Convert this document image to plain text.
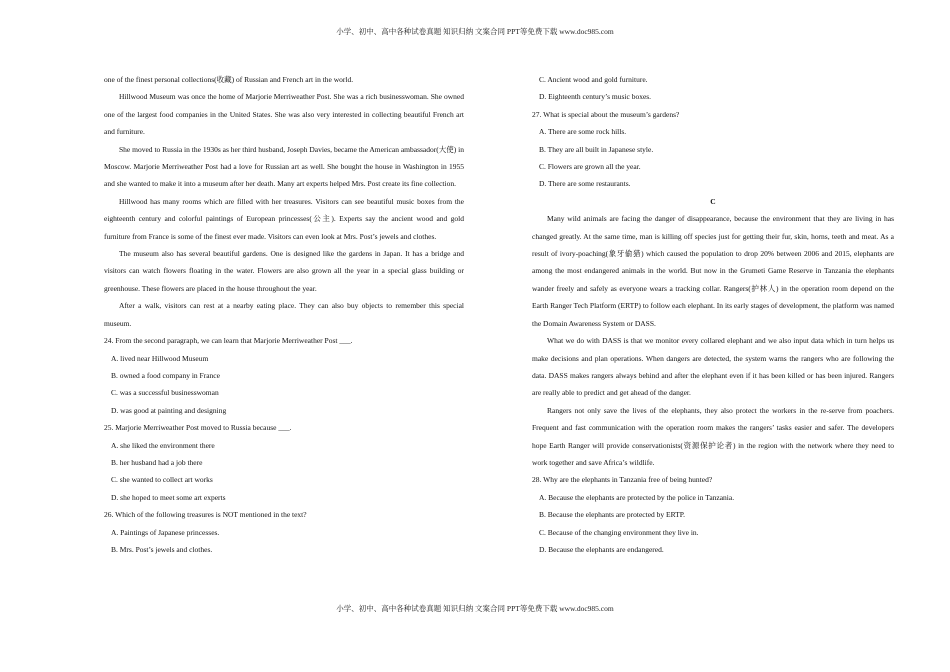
小学、初中、高中各种试卷真题 知识归纳 文案合同 PPT等免费下载 www.doc985.com

one of the finest personal collections(收藏) of Russian and French art in the world.

Hillwood Museum was once the home of Marjorie Merriweather Post. She was a rich businesswoman. She owned one of the largest food companies in the United States. She was also very interested in collecting beautiful French art and furniture.

She moved to Russia in the 1930s as her third husband, Joseph Davies, became the American ambassador(大使) in Moscow. Marjorie Merriweather Post had a love for Russian art as well. She bought the house in Washington in 1955 and she wanted to make it into a museum after her death. Many art experts helped Mrs. Post create its fine collection.

Hillwood has many rooms which are filled with her treasures. Visitors can see beautiful music boxes from the eighteenth century and colorful paintings of European princesses(公主). Experts say the ancient wood and gold furniture from France is some of the finest ever made. Visitors can even look at Mrs. Post’s jewels and clothes.

The museum also has several beautiful gardens. One is designed like the gardens in Japan. It has a bridge and visitors can watch flowers floating in the water. Flowers are also grown all the year in a special glass building or greenhouse. These flowers are placed in the house throughout the year.

After a walk, visitors can rest at a nearby eating place. They can also buy objects to remember this special museum.

24. From the second paragraph, we can learn that Marjorie Merriweather Post ___.

A. lived near Hillwood Museum

B. owned a food company in France

C. was a successful businesswoman

D. was good at painting and designing

25. Marjorie Merriweather Post moved to Russia because ___.

A. she liked the environment there

B. her husband had a job there

C. she wanted to collect art works

D. she hoped to meet some art experts

26. Which of the following treasures is NOT mentioned in the text?

A. Paintings of Japanese princesses.

B. Mrs. Post’s jewels and clothes.

C. Ancient wood and gold furniture.

D. Eighteenth century’s music boxes.

27. What is special about the museum’s gardens?

A. There are some rock hills.

B. They are all built in Japanese style.

C. Flowers are grown all the year.

D. There are some restaurants.

C

Many wild animals are facing the danger of disappearance, because the environment that they are living in has changed greatly. At the same time, man is killing off species just for getting their fur, skin, horns, teeth and meat. As a result of ivory-poaching(象牙偷猎) which caused the population to drop 20% between 2006 and 2015, elephants are among the most endangered animals in the world. But now in the Grumeti Game Reserve in Tanzania the elephants wander freely and safely as everyone wears a tracking collar. Rangers(护林人) in the operation room depend on the Earth Ranger Tech Platform (ERTP) to follow each elephant. In its early stages of development, the platform was named the Domain Awareness System or DASS.

What we do with DASS is that we monitor every collared elephant and we also input data which in turn helps us make decisions and plan operations. When dangers are detected, the system warns the rangers who are following the data. DASS makes rangers always behind and after the elephant even if it has been killed or has been injured. Rangers are really able to predict and get ahead of the danger.

Rangers not only save the lives of the elephants, they also protect the workers in the re-serve from poachers. Frequent and fast communication with the operation room makes the rangers’ tasks easier and safer. The developers hope Earth Ranger will provide conservationists(资源保护论者) in the region with the network where they need to work together and save Africa’s wildlife.

28. Why are the elephants in Tanzania free of being hunted?

A. Because the elephants are protected by the police in Tanzania.

B. Because the elephants are protected by ERTP.

C. Because of the changing environment they live in.

D. Because the elephants are endangered.

小学、初中、高中各种试卷真题 知识归纳 文案合同 PPT等免费下载 www.doc985.com
